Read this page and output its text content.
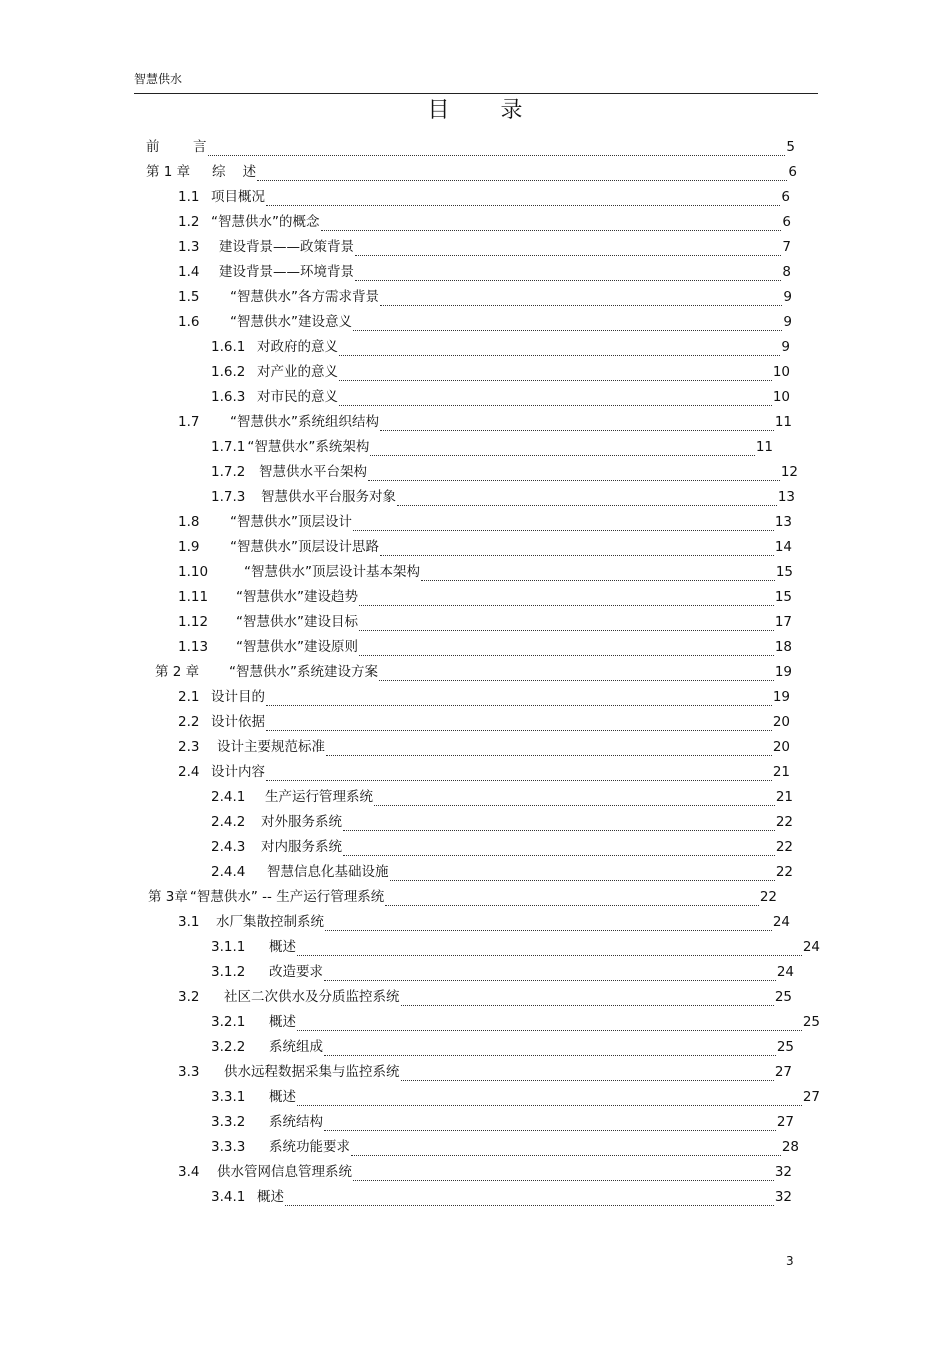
智慧供水
目 录
前	言	5
第 1 章	综    述	6
1.1 项目概况	6
1.2 “智慧供水”的概念	6
1.3	建设背景——政策背景	7
1.4	建设背景——环境背景	8
1.5	“智慧供水”各方需求背景	9
1.6	“智慧供水”建设意义	9
1.6.1 对政府的意义	9
1.6.2 对产业的意义	10
1.6.3 对市民的意义	10
1.7	“智慧供水”系统组织结构	11
1.7.1 “智慧供水”系统架构	11
1.7.2	智慧供水平台架构	12
1.7.3	智慧供水平台服务对象	13
1.8	“智慧供水”顶层设计	13
1.9	“智慧供水”顶层设计思路	14
1.10	“智慧供水”顶层设计基本架构	15
1.11	“智慧供水”建设趋势	15
1.12	“智慧供水”建设目标	17
1.13	“智慧供水”建设原则	18
第 2 章	“智慧供水”系统建设方案	19
2.1 设计目的	19
2.2 设计依据	20
2.3	设计主要规范标准	20
2.4 设计内容	21
2.4.1	生产运行管理系统	21
2.4.2	对外服务系统	22
2.4.3	对内服务系统	22
2.4.4	智慧信息化基础设施	22
第 3章 “智慧供水” -- 生产运行管理系统	22
3.1	水厂集散控制系统	24
3.1.1	概述	24
3.1.2	改造要求	24
3.2	社区二次供水及分质监控系统	25
3.2.1	概述	25
3.2.2	系统组成	25
3.3	供水远程数据采集与监控系统	27
3.3.1	概述	27
3.3.2	系统结构	27
3.3.3	系统功能要求	28
3.4	供水管网信息管理系统	32
3.4.1 概述	32
3
